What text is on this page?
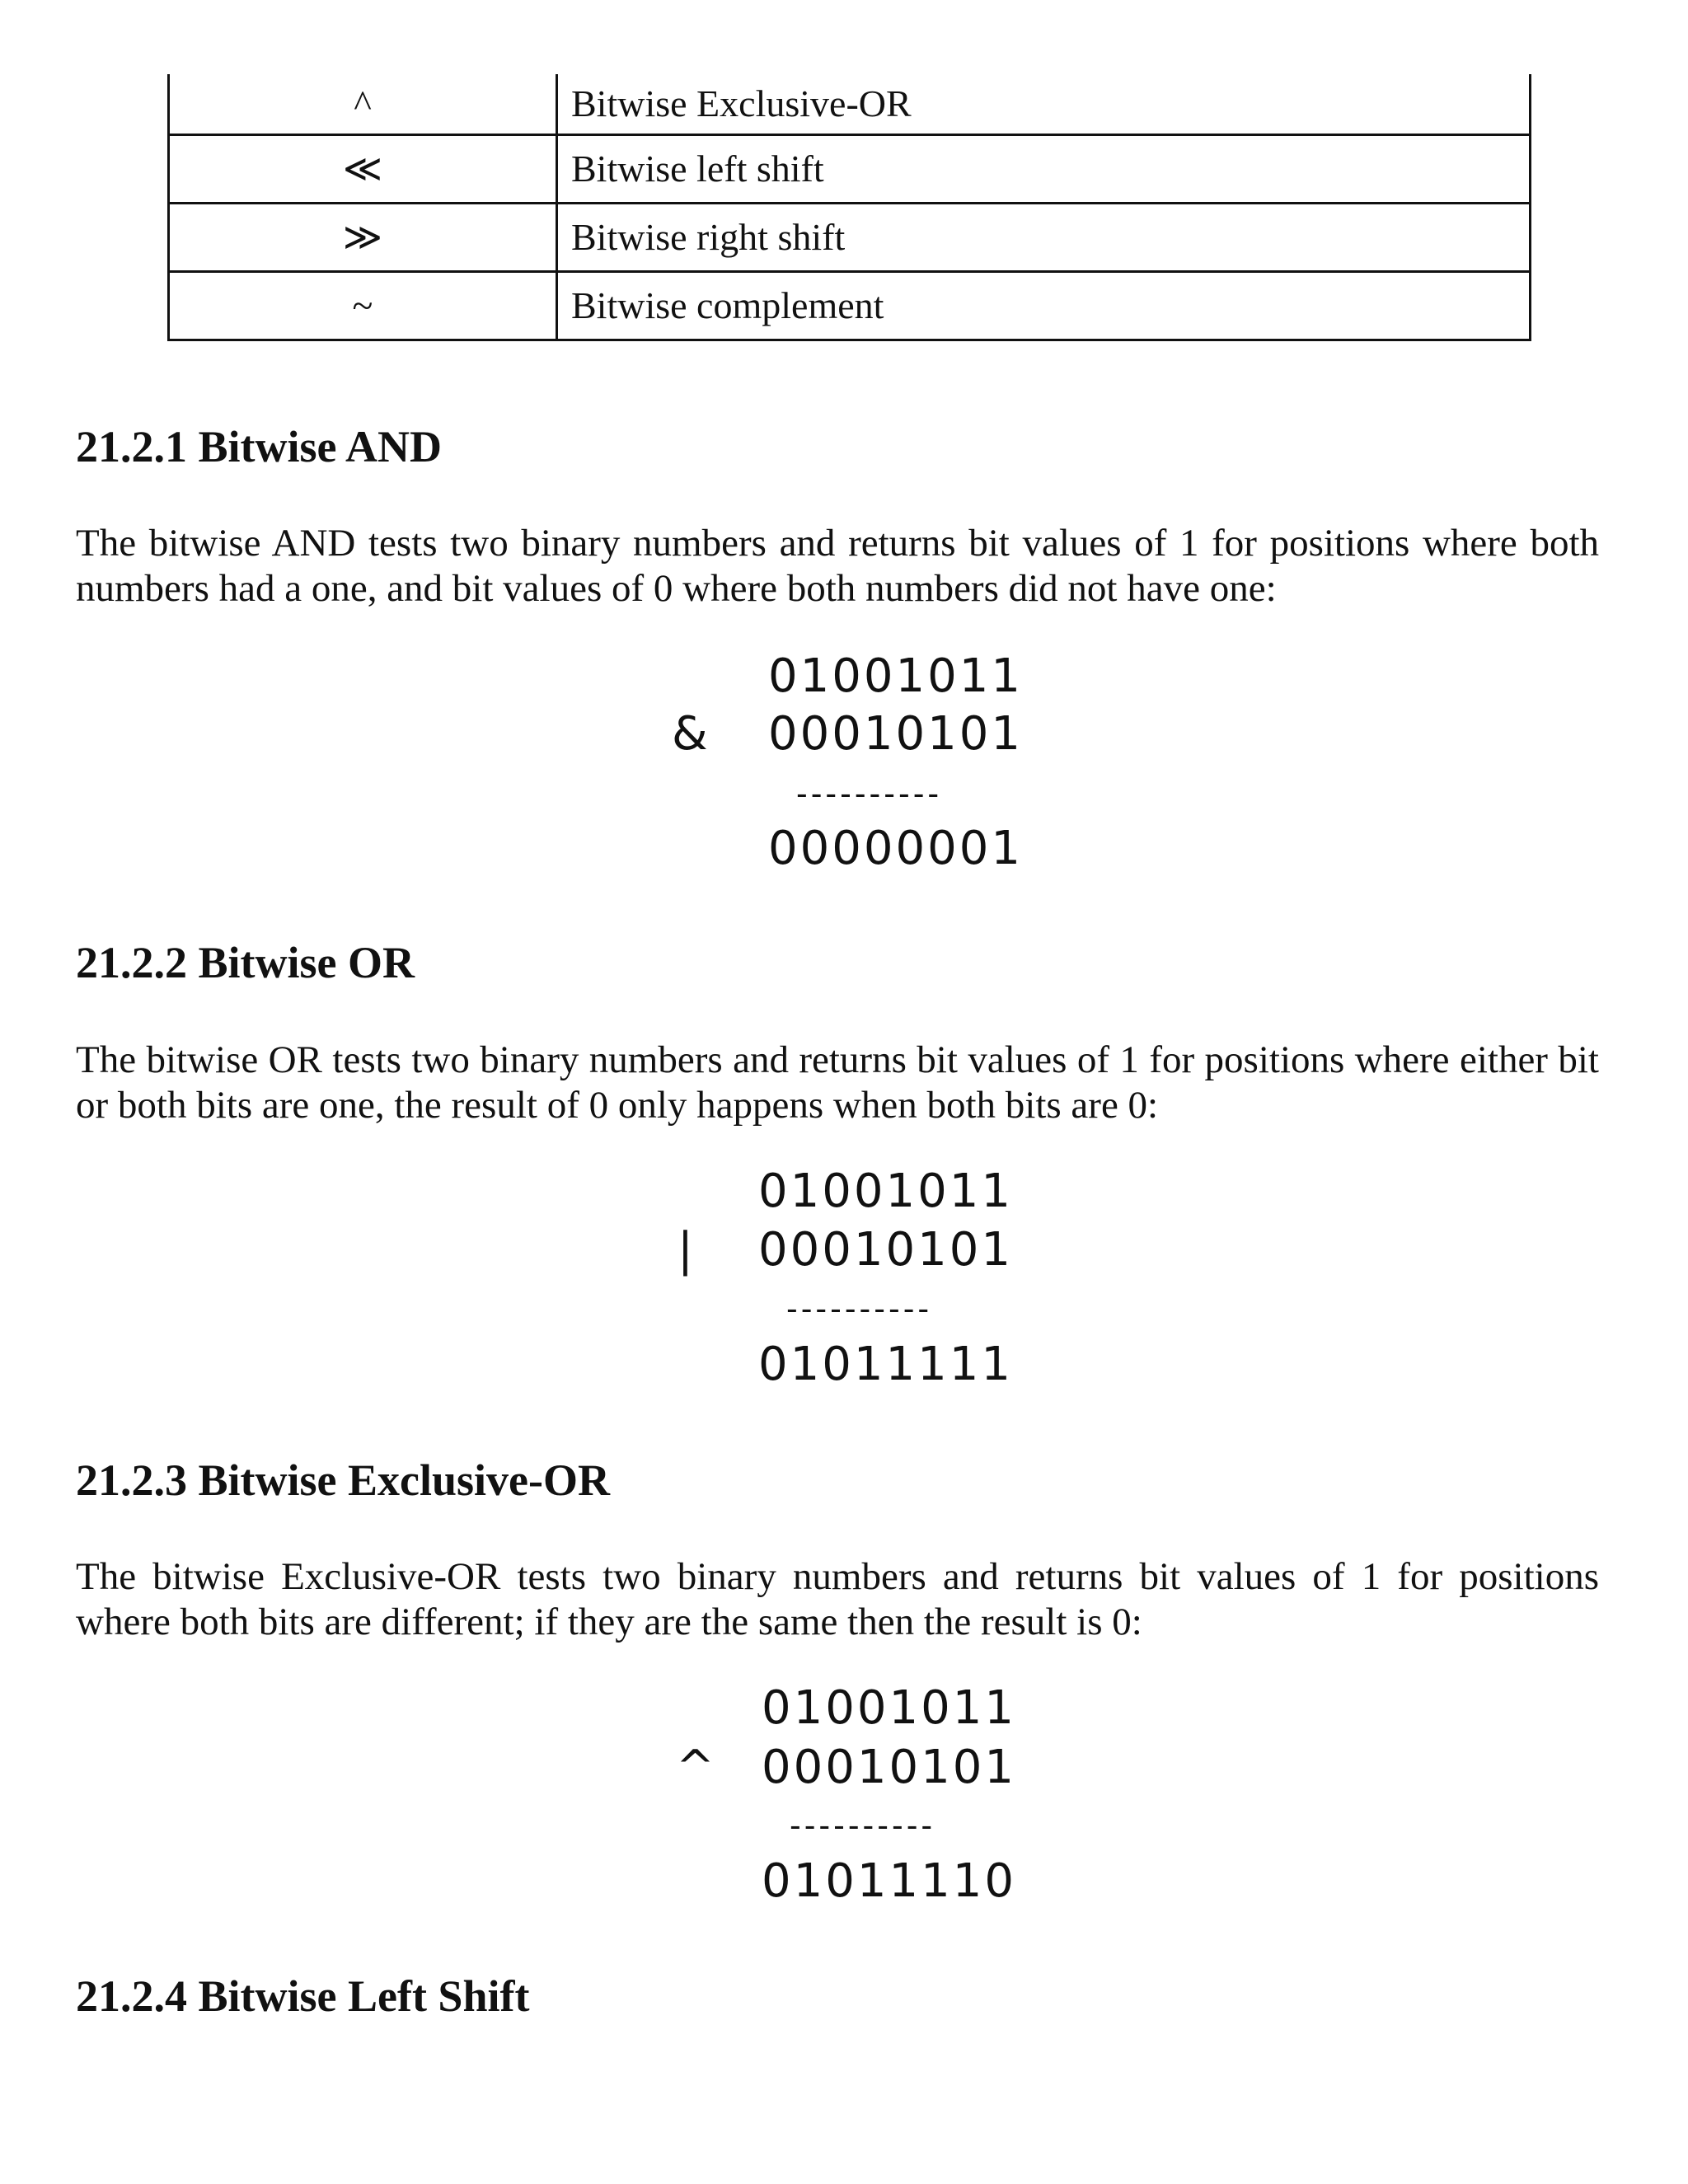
^	Bitwise Exclusive-OR
≪	Bitwise left shift
≫	Bitwise right shift
~	Bitwise complement
21.2.1 Bitwise AND

The bitwise AND tests two binary numbers and returns bit values of 1 for positions where both numbers had a one, and bit values of 0 where both numbers did not have one:

01001011
& 00010101
----------
00000001
21.2.2 Bitwise OR

The bitwise OR tests two binary numbers and returns bit values of 1 for positions where either bit or both bits are one, the result of 0 only happens when both bits are 0:

01001011
| 00010101
----------
01011111
21.2.3 Bitwise Exclusive-OR

The bitwise Exclusive-OR tests two binary numbers and returns bit values of 1 for positions where both bits are different; if they are the same then the result is 0:

01001011
^ 00010101
----------
01011110
21.2.4 Bitwise Left Shift
